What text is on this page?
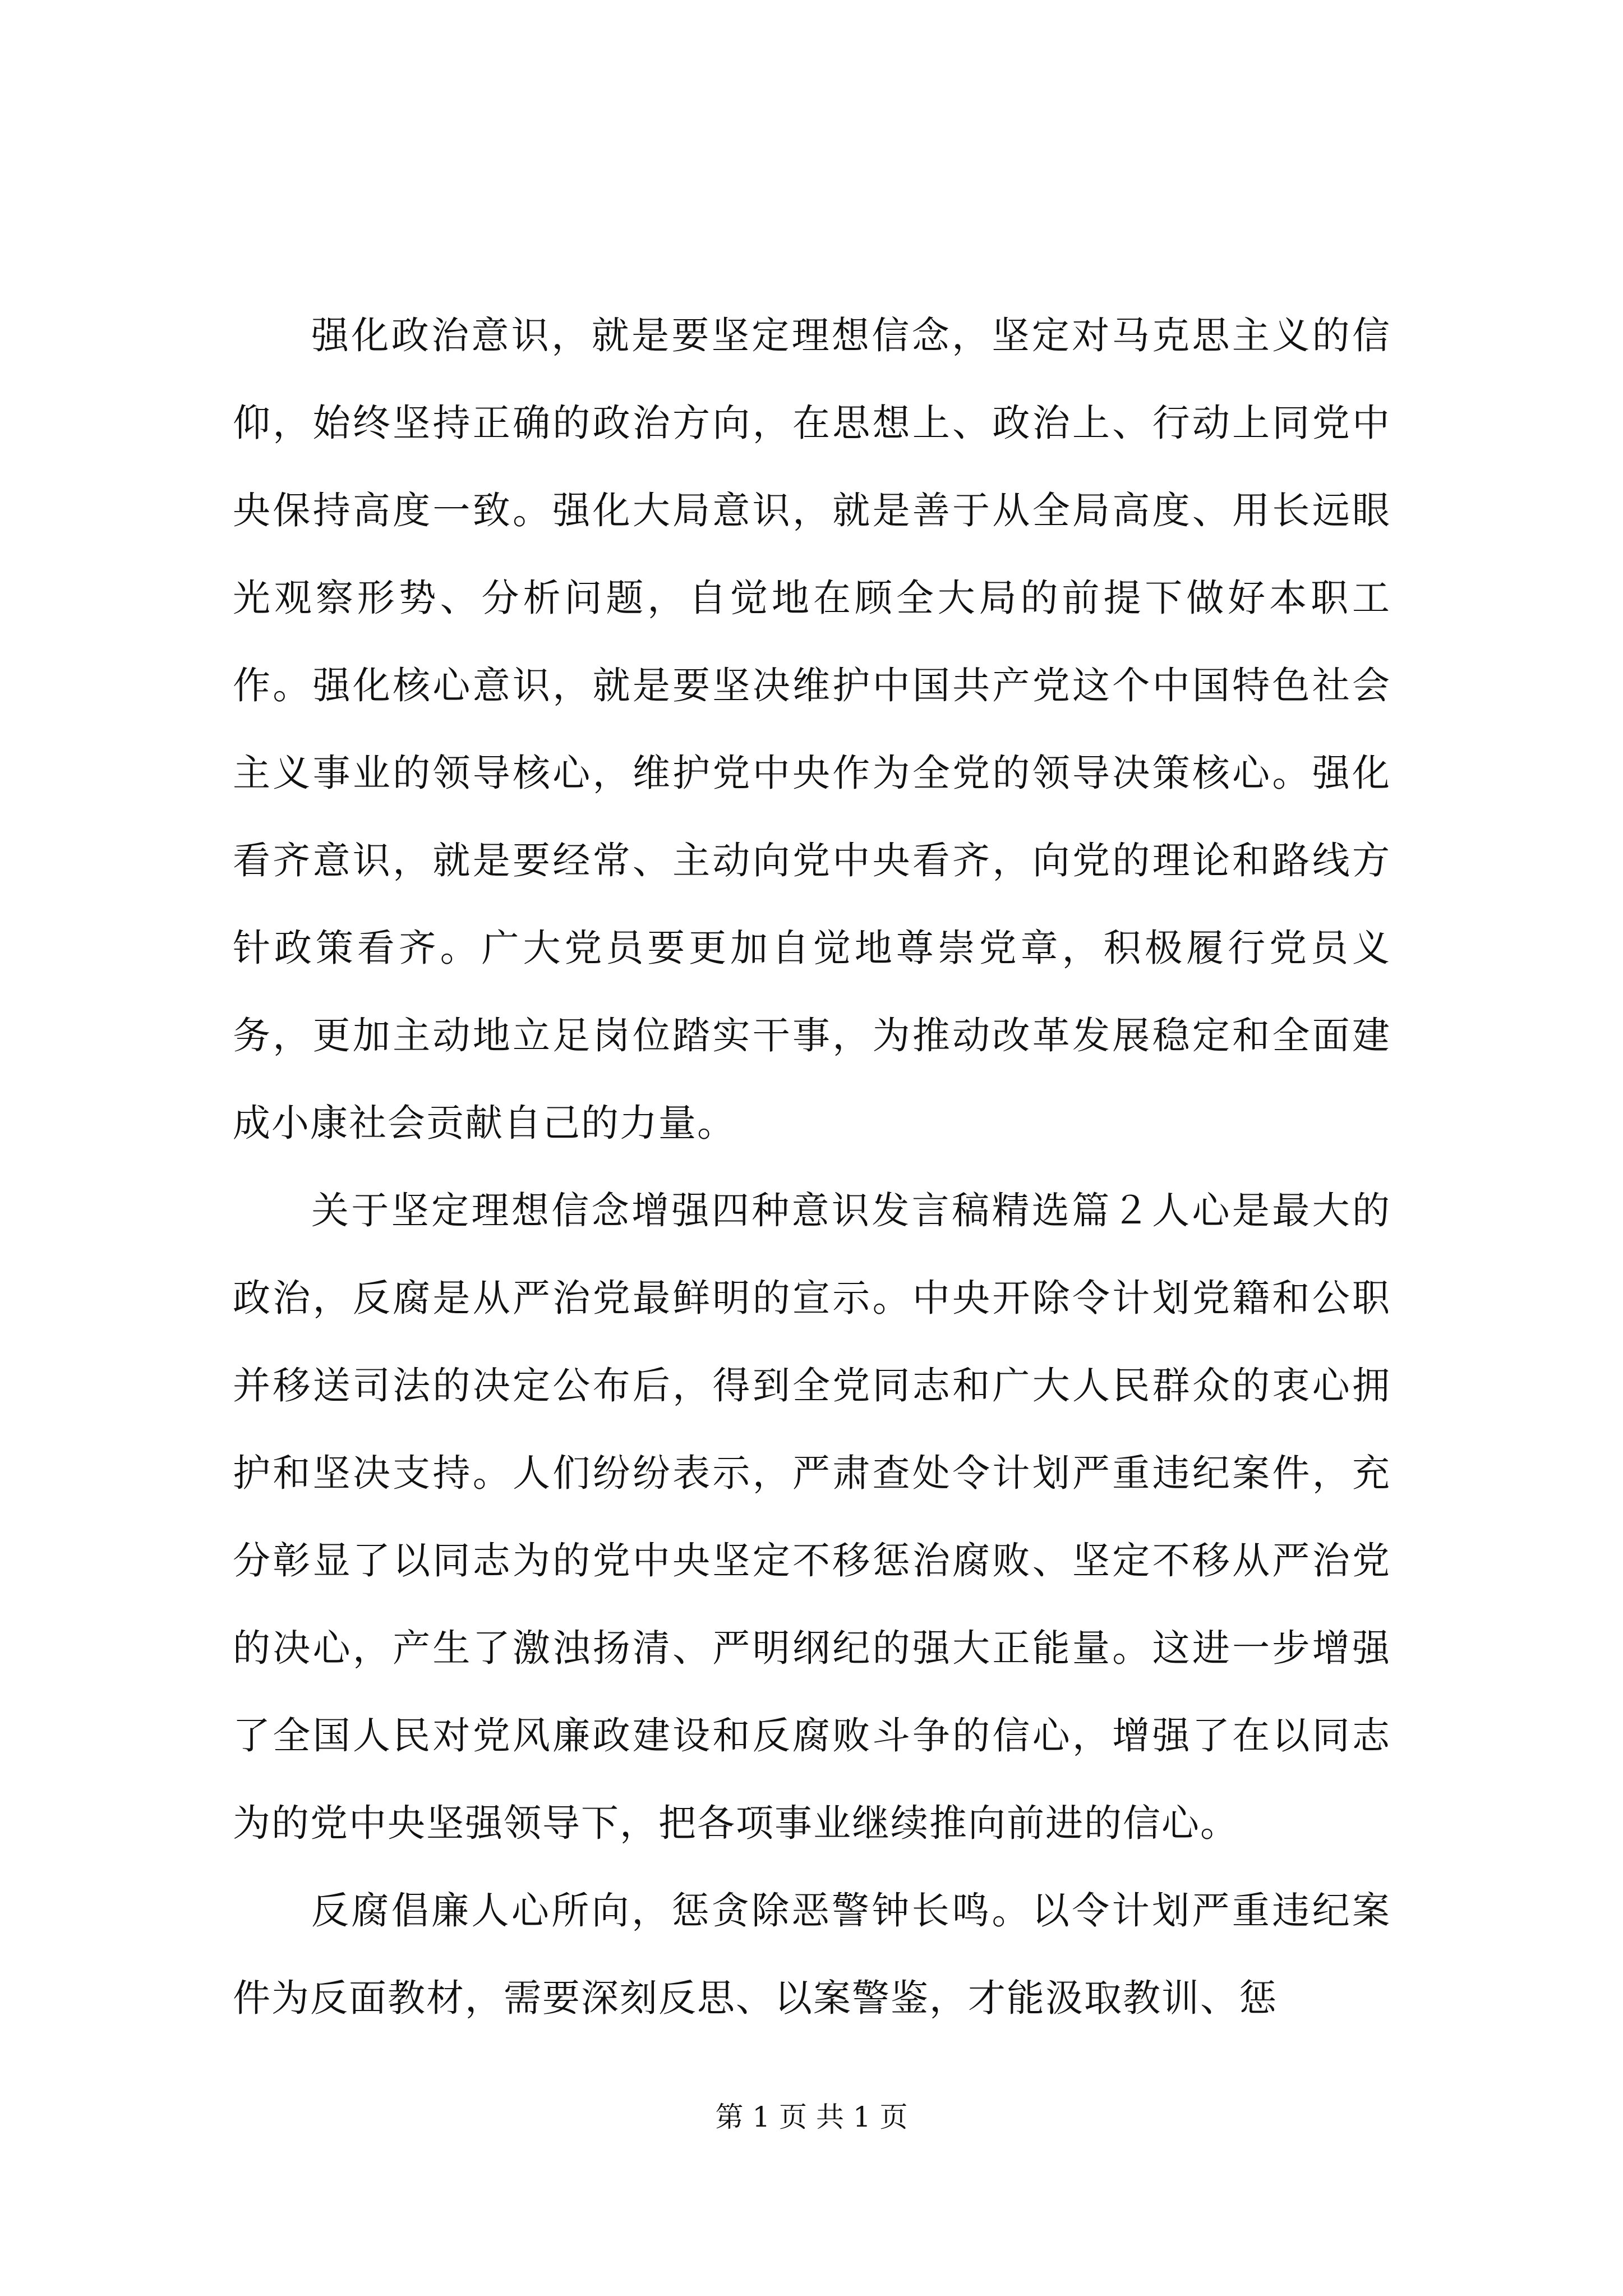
强化政治意识，就是要坚定理想信念，坚定对马克思主义的信仰，始终坚持正确的政治方向，在思想上、政治上、行动上同党中央保持高度一致。强化大局意识，就是善于从全局高度、用长远眼光观察形势、分析问题，自觉地在顾全大局的前提下做好本职工作。强化核心意识，就是要坚决维护中国共产党这个中国特色社会主义事业的领导核心，维护党中央作为全党的领导决策核心。强化看齐意识，就是要经常、主动向党中央看齐，向党的理论和路线方针政策看齐。广大党员要更加自觉地尊崇党章，积极履行党员义务，更加主动地立足岗位踏实干事，为推动改革发展稳定和全面建成小康社会贡献自己的力量。

关于坚定理想信念增强四种意识发言稿精选篇２人心是最大的政治，反腐是从严治党最鲜明的宣示。中央开除令计划党籍和公职并移送司法的决定公布后，得到全党同志和广大人民群众的衷心拥护和坚决支持。人们纷纷表示，严肃查处令计划严重违纪案件，充分彰显了以同志为的党中央坚定不移惩治腐败、坚定不移从严治党的决心，产生了激浊扬清、严明纲纪的强大正能量。这进一步增强了全国人民对党风廉政建设和反腐败斗争的信心，增强了在以同志为的党中央坚强领导下，把各项事业继续推向前进的信心。

反腐倡廉人心所向，惩贪除恶警钟长鸣。以令计划严重违纪案件为反面教材，需要深刻反思、以案警鉴，才能汲取教训、惩

第 1 页 共 1 页
